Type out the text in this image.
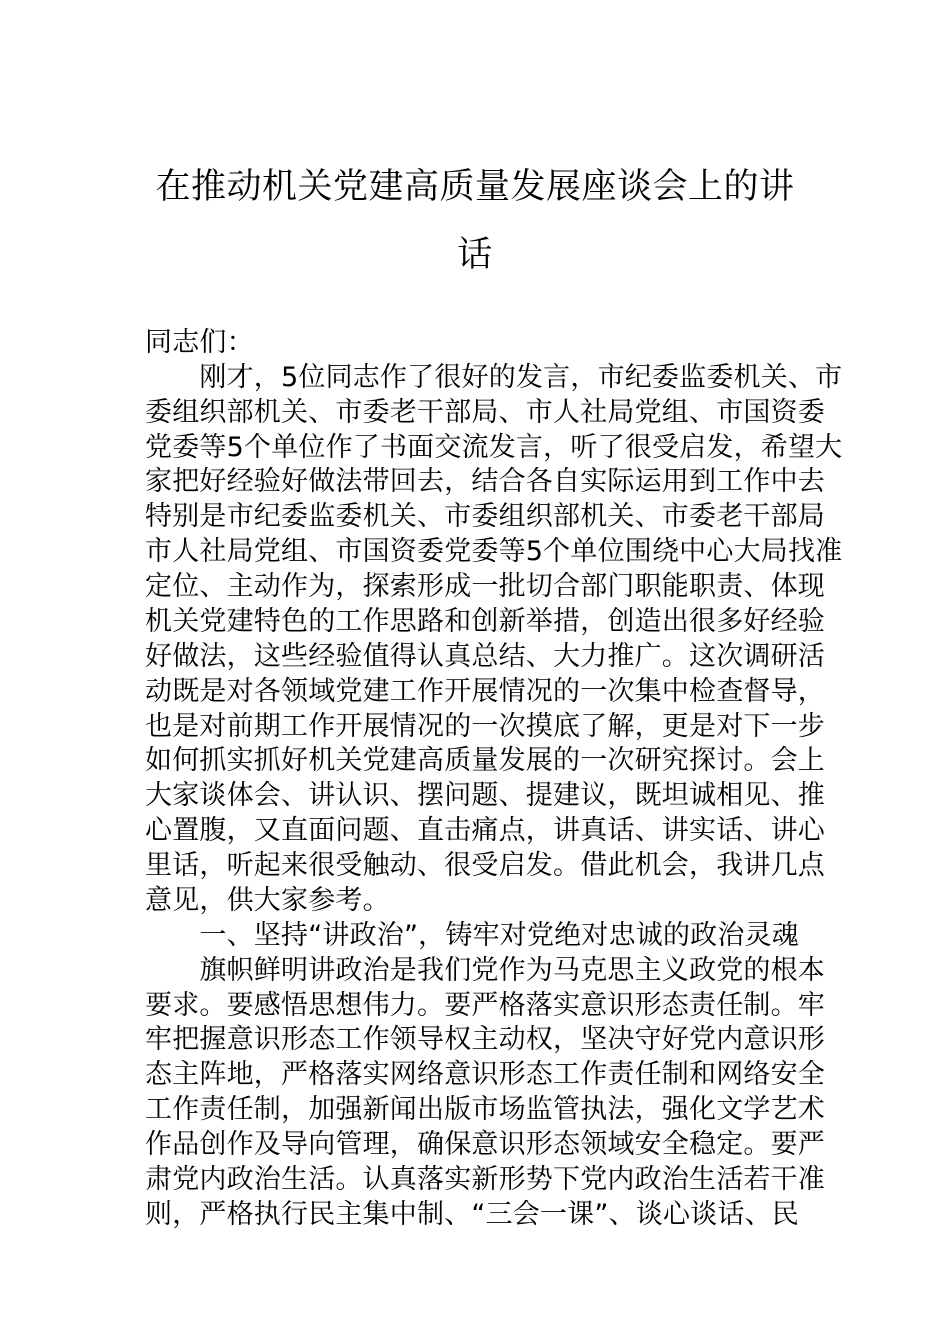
在推动机关党建高质量发展座谈会上的讲
话

同志们：

　　刚才，5位同志作了很好的发言，市纪委监委机关、市

委组织部机关、市委老干部局、市人社局党组、市国资委

党委等5个单位作了书面交流发言，听了很受启发，希望大

家把好经验好做法带回去，结合各自实际运用到工作中去

特别是市纪委监委机关、市委组织部机关、市委老干部局

市人社局党组、市国资委党委等5个单位围绕中心大局找准

定位、主动作为，探索形成一批切合部门职能职责、体现

机关党建特色的工作思路和创新举措，创造出很多好经验

好做法，这些经验值得认真总结、大力推广。这次调研活

动既是对各领域党建工作开展情况的一次集中检查督导，

也是对前期工作开展情况的一次摸底了解，更是对下一步

如何抓实抓好机关党建高质量发展的一次研究探讨。会上

大家谈体会、讲认识、摆问题、提建议，既坦诚相见、推

心置腹，又直面问题、直击痛点，讲真话、讲实话、讲心

里话，听起来很受触动、很受启发。借此机会，我讲几点

意见，供大家参考。

　　一、坚持“讲政治”，铸牢对党绝对忠诚的政治灵魂

　　旗帜鲜明讲政治是我们党作为马克思主义政党的根本

要求。要感悟思想伟力。要严格落实意识形态责任制。牢

牢把握意识形态工作领导权主动权，坚决守好党内意识形

态主阵地，严格落实网络意识形态工作责任制和网络安全

工作责任制，加强新闻出版市场监管执法，强化文学艺术

作品创作及导向管理，确保意识形态领域安全稳定。要严

肃党内政治生活。认真落实新形势下党内政治生活若干准

则，严格执行民主集中制、“三会一课”、谈心谈话、民
